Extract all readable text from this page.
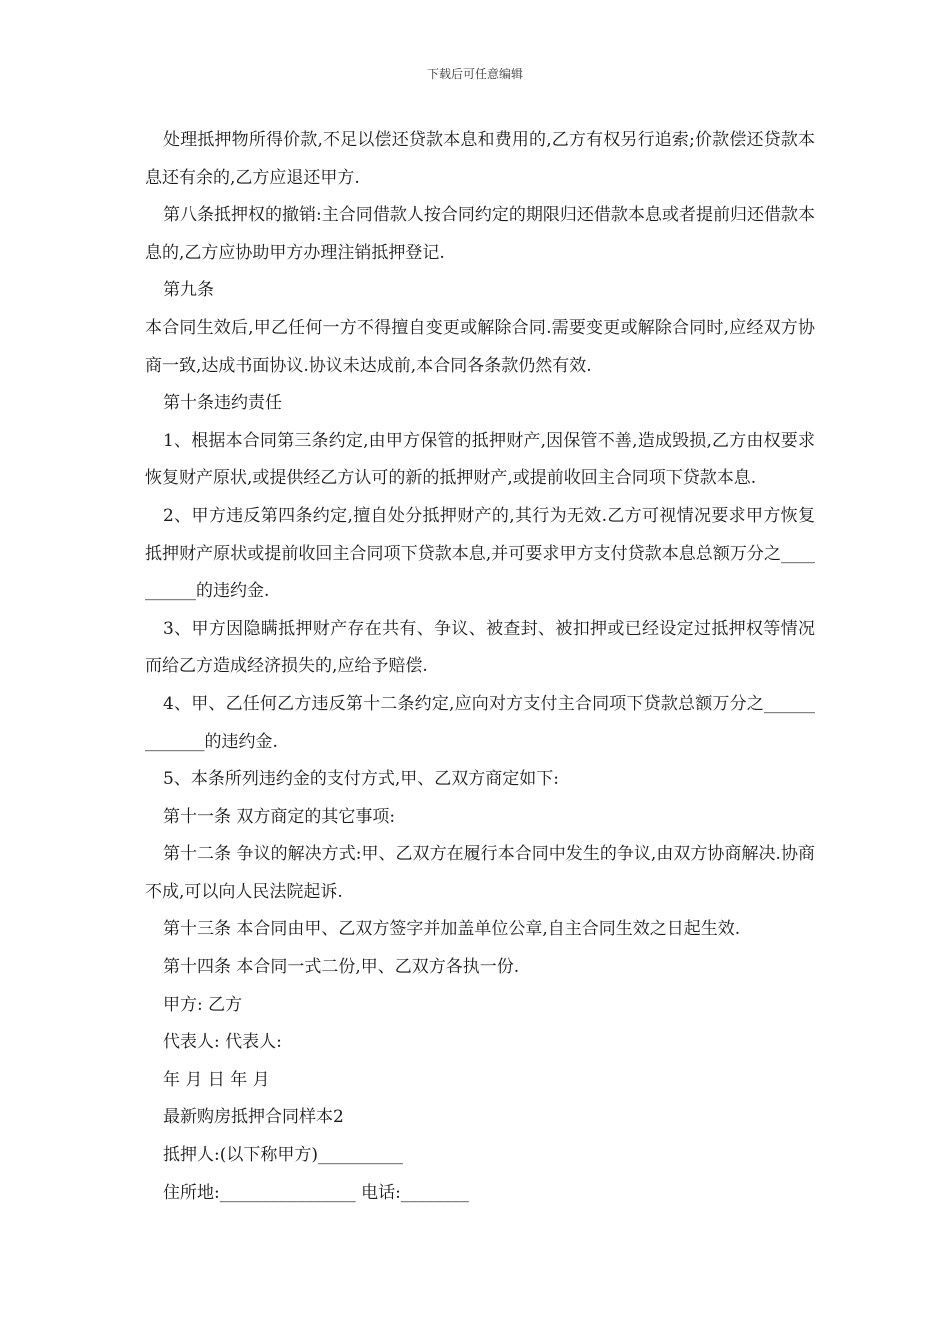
下载后可任意编辑

处理抵押物所得价款,不足以偿还贷款本息和费用的,乙方有权另行追索;价款偿还贷款本息还有余的,乙方应退还甲方.

第八条抵押权的撤销:主合同借款人按合同约定的期限归还借款本息或者提前归还借款本息的,乙方应协助甲方办理注销抵押登记.

第九条

本合同生效后,甲乙任何一方不得擅自变更或解除合同.需要变更或解除合同时,应经双方协商一致,达成书面协议.协议未达成前,本合同各条款仍然有效.

第十条违约责任

1、根据本合同第三条约定,由甲方保管的抵押财产,因保管不善,造成毁损,乙方由权要求恢复财产原状,或提供经乙方认可的新的抵押财产,或提前收回主合同项下贷款本息.

2、甲方违反第四条约定,擅自处分抵押财产的,其行为无效.乙方可视情况要求甲方恢复抵押财产原状或提前收回主合同项下贷款本息,并可要求甲方支付贷款本息总额万分之__________的违约金.

3、甲方因隐瞒抵押财产存在共有、争议、被查封、被扣押或已经设定过抵押权等情况而给乙方造成经济损失的,应给予赔偿.

4、甲、乙任何乙方违反第十二条约定,应向对方支付主合同项下贷款总额万分之_____________的违约金.

5、本条所列违约金的支付方式,甲、乙双方商定如下:

第十一条 双方商定的其它事项:

第十二条 争议的解决方式:甲、乙双方在履行本合同中发生的争议,由双方协商解决.协商不成,可以向人民法院起诉.

第十三条 本合同由甲、乙双方签字并加盖单位公章,自主合同生效之日起生效.

第十四条 本合同一式二份,甲、乙双方各执一份.

甲方: 乙方

代表人: 代表人:

年 月 日 年 月

最新购房抵押合同样本2

抵押人:(以下称甲方)__________

住所地:________________ 电话:________
